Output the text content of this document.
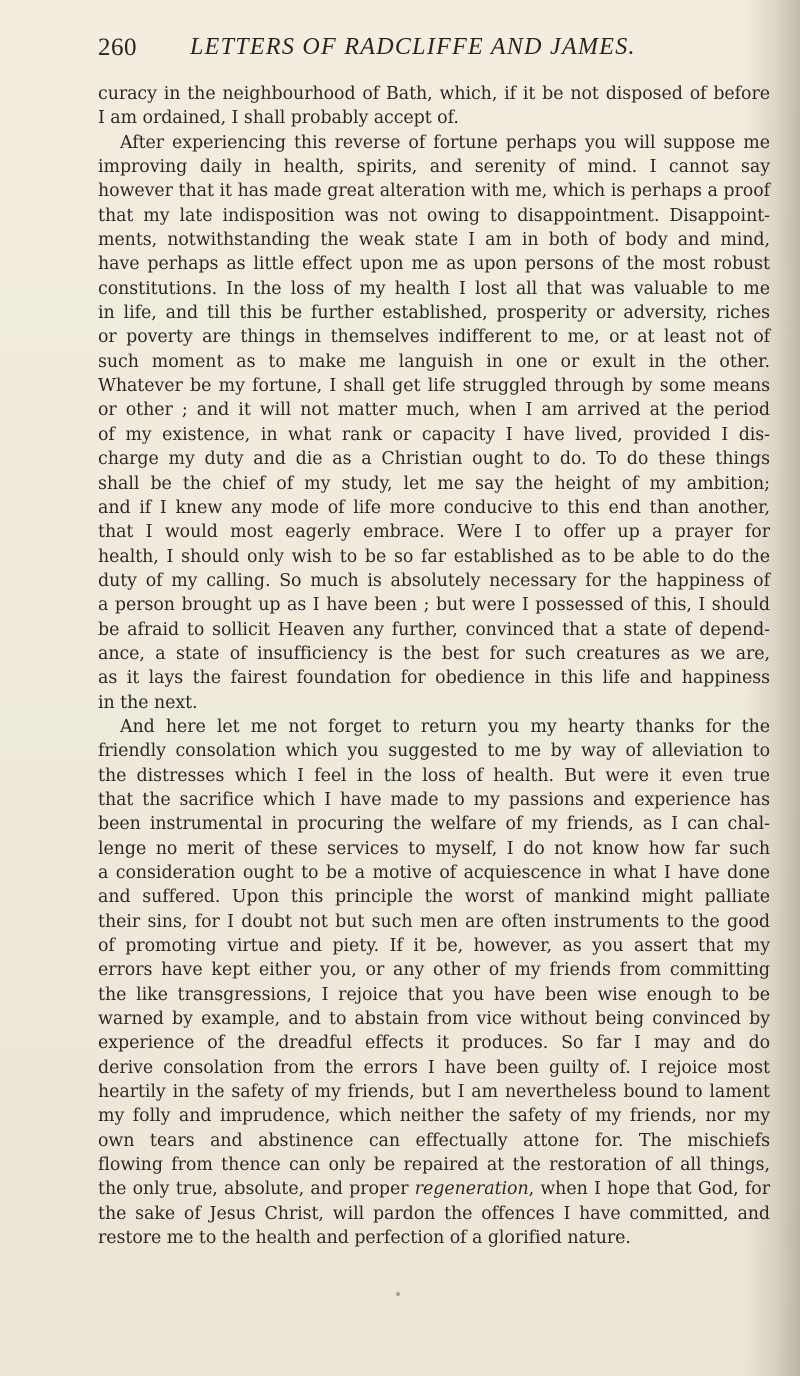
260 LETTERS OF RADCLIFFE AND JAMES.
curacy in the neighbourhood of Bath, which, if it be not disposed of before
I am ordained, I shall probably accept of.
After experiencing this reverse of fortune perhaps you will suppose me
improving daily in health, spirits, and serenity of mind. I cannot say
however that it has made great alteration with me, which is perhaps a proof
that my late indisposition was not owing to disappointment. Disappoint-
ments, notwithstanding the weak state I am in both of body and mind,
have perhaps as little effect upon me as upon persons of the most robust
constitutions. In the loss of my health I lost all that was valuable to me
in life, and till this be further established, prosperity or adversity, riches
or poverty are things in themselves indifferent to me, or at least not of
such moment as to make me languish in one or exult in the other.
Whatever be my fortune, I shall get life struggled through by some means
or other ; and it will not matter much, when I am arrived at the period
of my existence, in what rank or capacity I have lived, provided I dis-
charge my duty and die as a Christian ought to do. To do these things
shall be the chief of my study, let me say the height of my ambition;
and if I knew any mode of life more conducive to this end than another,
that I would most eagerly embrace. Were I to offer up a prayer for
health, I should only wish to be so far established as to be able to do the
duty of my calling. So much is absolutely necessary for the happiness of
a person brought up as I have been ; but were I possessed of this, I should
be afraid to sollicit Heaven any further, convinced that a state of depend-
ance, a state of insufficiency is the best for such creatures as we are,
as it lays the fairest foundation for obedience in this life and happiness
in the next.
And here let me not forget to return you my hearty thanks for the
friendly consolation which you suggested to me by way of alleviation to
the distresses which I feel in the loss of health. But were it even true
that the sacrifice which I have made to my passions and experience has
been instrumental in procuring the welfare of my friends, as I can chal-
lenge no merit of these services to myself, I do not know how far such
a consideration ought to be a motive of acquiescence in what I have done
and suffered. Upon this principle the worst of mankind might palliate
their sins, for I doubt not but such men are often instruments to the good
of promoting virtue and piety. If it be, however, as you assert that my
errors have kept either you, or any other of my friends from committing
the like transgressions, I rejoice that you have been wise enough to be
warned by example, and to abstain from vice without being convinced by
experience of the dreadful effects it produces. So far I may and do
derive consolation from the errors I have been guilty of. I rejoice most
heartily in the safety of my friends, but I am nevertheless bound to lament
my folly and imprudence, which neither the safety of my friends, nor my
own tears and abstinence can effectually attone for. The mischiefs
flowing from thence can only be repaired at the restoration of all things,
the only true, absolute, and proper regeneration, when I hope that God, for
the sake of Jesus Christ, will pardon the offences I have committed, and
restore me to the health and perfection of a glorified nature.
